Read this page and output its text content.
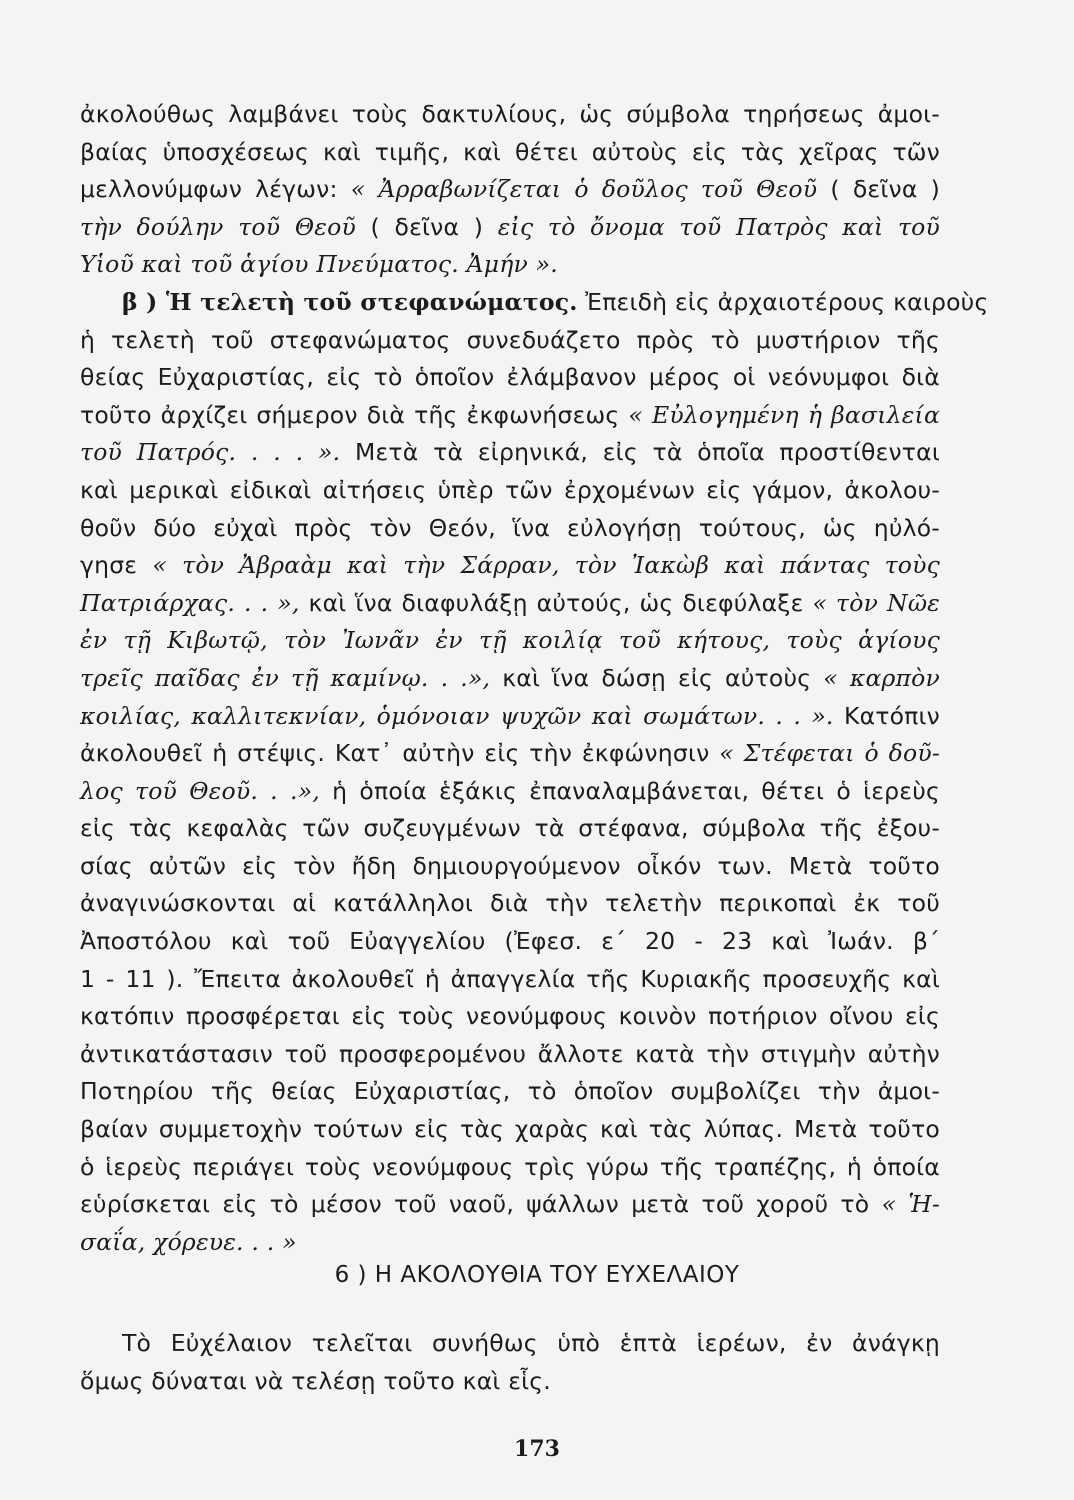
ἀκολούθως λαμβάνει τοὺς δακτυλίους, ὡς σύμβολα τηρήσεως ἀμοι-
βαίας ὑποσχέσεως καὶ τιμῆς, καὶ θέτει αὐτοὺς εἰς τὰς χεῖρας τῶν
μελλονύμφων λέγων: « Ἀρραβωνίζεται ὁ δοῦλος τοῦ Θεοῦ ( δεῖνα )
τὴν δούλην τοῦ Θεοῦ ( δεῖνα ) εἰς τὸ ὄνομα τοῦ Πατρὸς καὶ τοῦ
Υἱοῦ καὶ τοῦ ἁγίου Πνεύματος. Ἀμήν ».
β ) Ἡ τελετὴ τοῦ στεφανώματος. Ἐπειδὴ εἰς ἀρχαιοτέρους καιροὺς
ἡ τελετὴ τοῦ στεφανώματος συνεδυάζετο πρὸς τὸ μυστήριον τῆς
θείας Εὐχαριστίας, εἰς τὸ ὁποῖον ἐλάμβανον μέρος οἱ νεόνυμφοι διὰ
τοῦτο ἀρχίζει σήμερον διὰ τῆς ἐκφωνήσεως « Εὐλογημένη ἡ βασιλεία
τοῦ Πατρός. . . . ». Μετὰ τὰ εἰρηνικά, εἰς τὰ ὁποῖα προστίθενται
καὶ μερικαὶ εἰδικαὶ αἰτήσεις ὑπὲρ τῶν ἐρχομένων εἰς γάμον, ἀκολου-
θοῦν δύο εὐχαὶ πρὸς τὸν Θεόν, ἵνα εὐλογήσῃ τούτους, ὡς ηὐλό-
γησε « τὸν Ἀβραὰμ καὶ τὴν Σάρραν, τὸν Ἰακὼβ καὶ πάντας τοὺς
Πατριάρχας. . . », καὶ ἵνα διαφυλάξῃ αὐτούς, ὡς διεφύλαξε « τὸν Νῶε
ἐν τῇ Κιβωτῷ, τὸν Ἰωνᾶν ἐν τῇ κοιλίᾳ τοῦ κήτους, τοὺς ἁγίους
τρεῖς παῖδας ἐν τῇ καμίνῳ. . .», καὶ ἵνα δώσῃ εἰς αὐτοὺς « καρπὸν
κοιλίας, καλλιτεκνίαν, ὁμόνοιαν ψυχῶν καὶ σωμάτων. . . ». Κατόπιν
ἀκολουθεῖ ἡ στέψις. Κατ᾿ αὐτὴν εἰς τὴν ἐκφώνησιν « Στέφεται ὁ δοῦ-
λος τοῦ Θεοῦ. . .», ἡ ὁποία ἑξάκις ἐπαναλαμβάνεται, θέτει ὁ ἱερεὺς
εἰς τὰς κεφαλὰς τῶν συζευγμένων τὰ στέφανα, σύμβολα τῆς ἐξου-
σίας αὐτῶν εἰς τὸν ἤδη δημιουργούμενον οἶκόν των. Μετὰ τοῦτο
ἀναγινώσκονται αἱ κατάλληλοι διὰ τὴν τελετὴν περικοπαὶ ἐκ τοῦ
Ἀποστόλου καὶ τοῦ Εὐαγγελίου (Ἐφεσ. ε΄ 20 - 23 καὶ Ἰωάν. β΄
1 - 11 ). Ἔπειτα ἀκολουθεῖ ἡ ἀπαγγελία τῆς Κυριακῆς προσευχῆς καὶ
κατόπιν προσφέρεται εἰς τοὺς νεονύμφους κοινὸν ποτήριον οἴνου εἰς
ἀντικατάστασιν τοῦ προσφερομένου ἄλλοτε κατὰ τὴν στιγμὴν αὐτὴν
Ποτηρίου τῆς θείας Εὐχαριστίας, τὸ ὁποῖον συμβολίζει τὴν ἀμοι-
βαίαν συμμετοχὴν τούτων εἰς τὰς χαρὰς καὶ τὰς λύπας. Μετὰ τοῦτο
ὁ ἱερεὺς περιάγει τοὺς νεονύμφους τρὶς γύρω τῆς τραπέζης, ἡ ὁποία
εὑρίσκεται εἰς τὸ μέσον τοῦ ναοῦ, ψάλλων μετὰ τοῦ χοροῦ τὸ « Ἡ-
σαΐα, χόρευε. . . »
6 ) Η ΑΚΟΛΟΥΘΙΑ ΤΟΥ ΕΥΧΕΛΑΙΟΥ
Τὸ Εὐχέλαιον τελεῖται συνήθως ὑπὸ ἑπτὰ ἱερέων, ἐν ἀνάγκῃ
ὅμως δύναται νὰ τελέσῃ τοῦτο καὶ εἷς.
173
